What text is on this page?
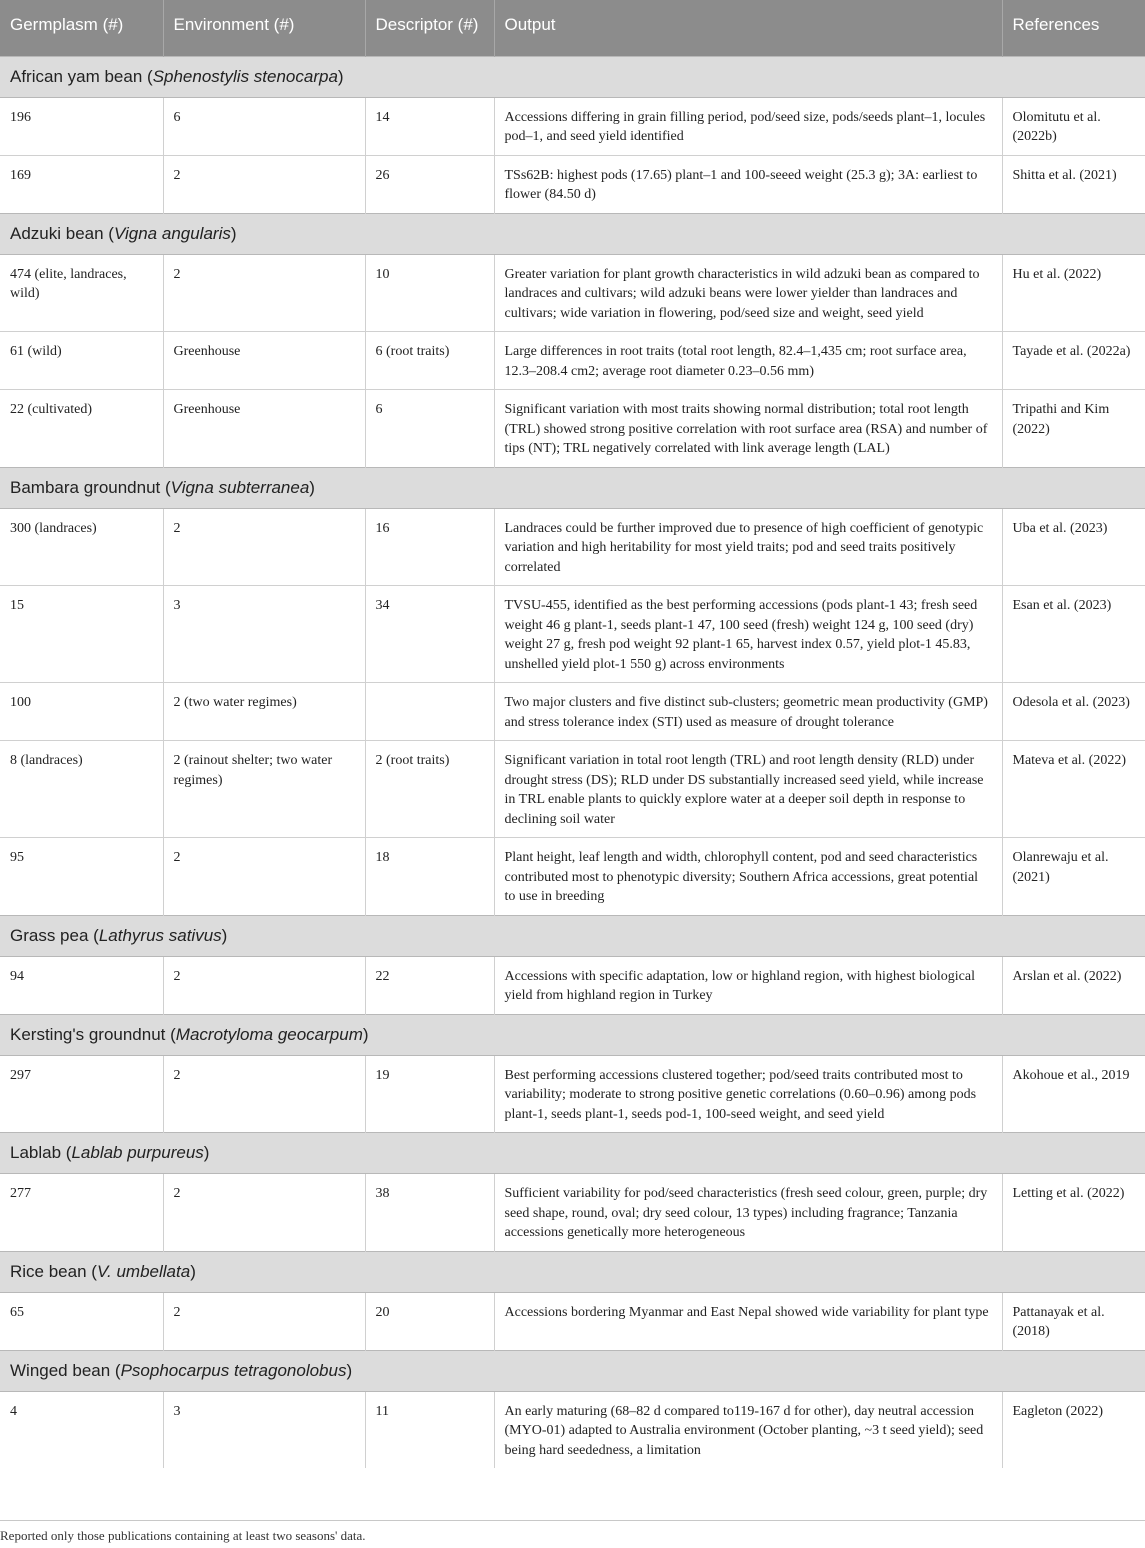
Germplasm (#)	Environment (#)	Descriptor (#)	Output	References
African yam bean (Sphenostylis stenocarpa)				
196	6	14	Accessions differing in grain filling period, pod/seed size, pods/seeds plant–1, locules pod–1, and seed yield identified	Olomitutu et al. (2022b)
169	2	26	TSs62B: highest pods (17.65) plant–1 and 100-seeed weight (25.3 g); 3A: earliest to flower (84.50 d)	Shitta et al. (2021)
Adzuki bean (Vigna angularis)				
474 (elite, landraces, wild)	2	10	Greater variation for plant growth characteristics in wild adzuki bean as compared to landraces and cultivars; wild adzuki beans were lower yielder than landraces and cultivars; wide variation in flowering, pod/seed size and weight, seed yield	Hu et al. (2022)
61 (wild)	Greenhouse	6 (root traits)	Large differences in root traits (total root length, 82.4–1,435 cm; root surface area, 12.3–208.4 cm2; average root diameter 0.23–0.56 mm)	Tayade et al. (2022a)
22 (cultivated)	Greenhouse	6	Significant variation with most traits showing normal distribution; total root length (TRL) showed strong positive correlation with root surface area (RSA) and number of tips (NT); TRL negatively correlated with link average length (LAL)	Tripathi and Kim (2022)
Bambara groundnut (Vigna subterranea)				
300 (landraces)	2	16	Landraces could be further improved due to presence of high coefficient of genotypic variation and high heritability for most yield traits; pod and seed traits positively correlated	Uba et al. (2023)
15	3	34	TVSU-455, identified as the best performing accessions (pods plant-1 43; fresh seed weight 46 g plant-1, seeds plant-1 47, 100 seed (fresh) weight 124 g, 100 seed (dry) weight 27 g, fresh pod weight 92 plant-1 65, harvest index 0.57, yield plot-1 45.83, unshelled yield plot-1 550 g) across environments	Esan et al. (2023)
100	2 (two water regimes)		Two major clusters and five distinct sub-clusters; geometric mean productivity (GMP) and stress tolerance index (STI) used as measure of drought tolerance	Odesola et al. (2023)
8 (landraces)	2 (rainout shelter; two water regimes)	2 (root traits)	Significant variation in total root length (TRL) and root length density (RLD) under drought stress (DS); RLD under DS substantially increased seed yield, while increase in TRL enable plants to quickly explore water at a deeper soil depth in response to declining soil water	Mateva et al. (2022)
95	2	18	Plant height, leaf length and width, chlorophyll content, pod and seed characteristics contributed most to phenotypic diversity; Southern Africa accessions, great potential to use in breeding	Olanrewaju et al. (2021)
Grass pea (Lathyrus sativus)				
94	2	22	Accessions with specific adaptation, low or highland region, with highest biological yield from highland region in Turkey	Arslan et al. (2022)
Kersting's groundnut (Macrotyloma geocarpum)				
297	2	19	Best performing accessions clustered together; pod/seed traits contributed most to variability; moderate to strong positive genetic correlations (0.60–0.96) among pods plant-1, seeds plant-1, seeds pod-1, 100-seed weight, and seed yield	Akohoue et al., 2019
Lablab (Lablab purpureus)				
277	2	38	Sufficient variability for pod/seed characteristics (fresh seed colour, green, purple; dry seed shape, round, oval; dry seed colour, 13 types) including fragrance; Tanzania accessions genetically more heterogeneous	Letting et al. (2022)
Rice bean (V. umbellata)				
65	2	20	Accessions bordering Myanmar and East Nepal showed wide variability for plant type	Pattanayak et al. (2018)
Winged bean (Psophocarpus tetragonolobus)				
4	3	11	An early maturing (68–82 d compared to119-167 d for other), day neutral accession (MYO-01) adapted to Australia environment (October planting, ~3 t seed yield); seed being hard seededness, a limitation	Eagleton (2022)
Reported only those publications containing at least two seasons' data.
